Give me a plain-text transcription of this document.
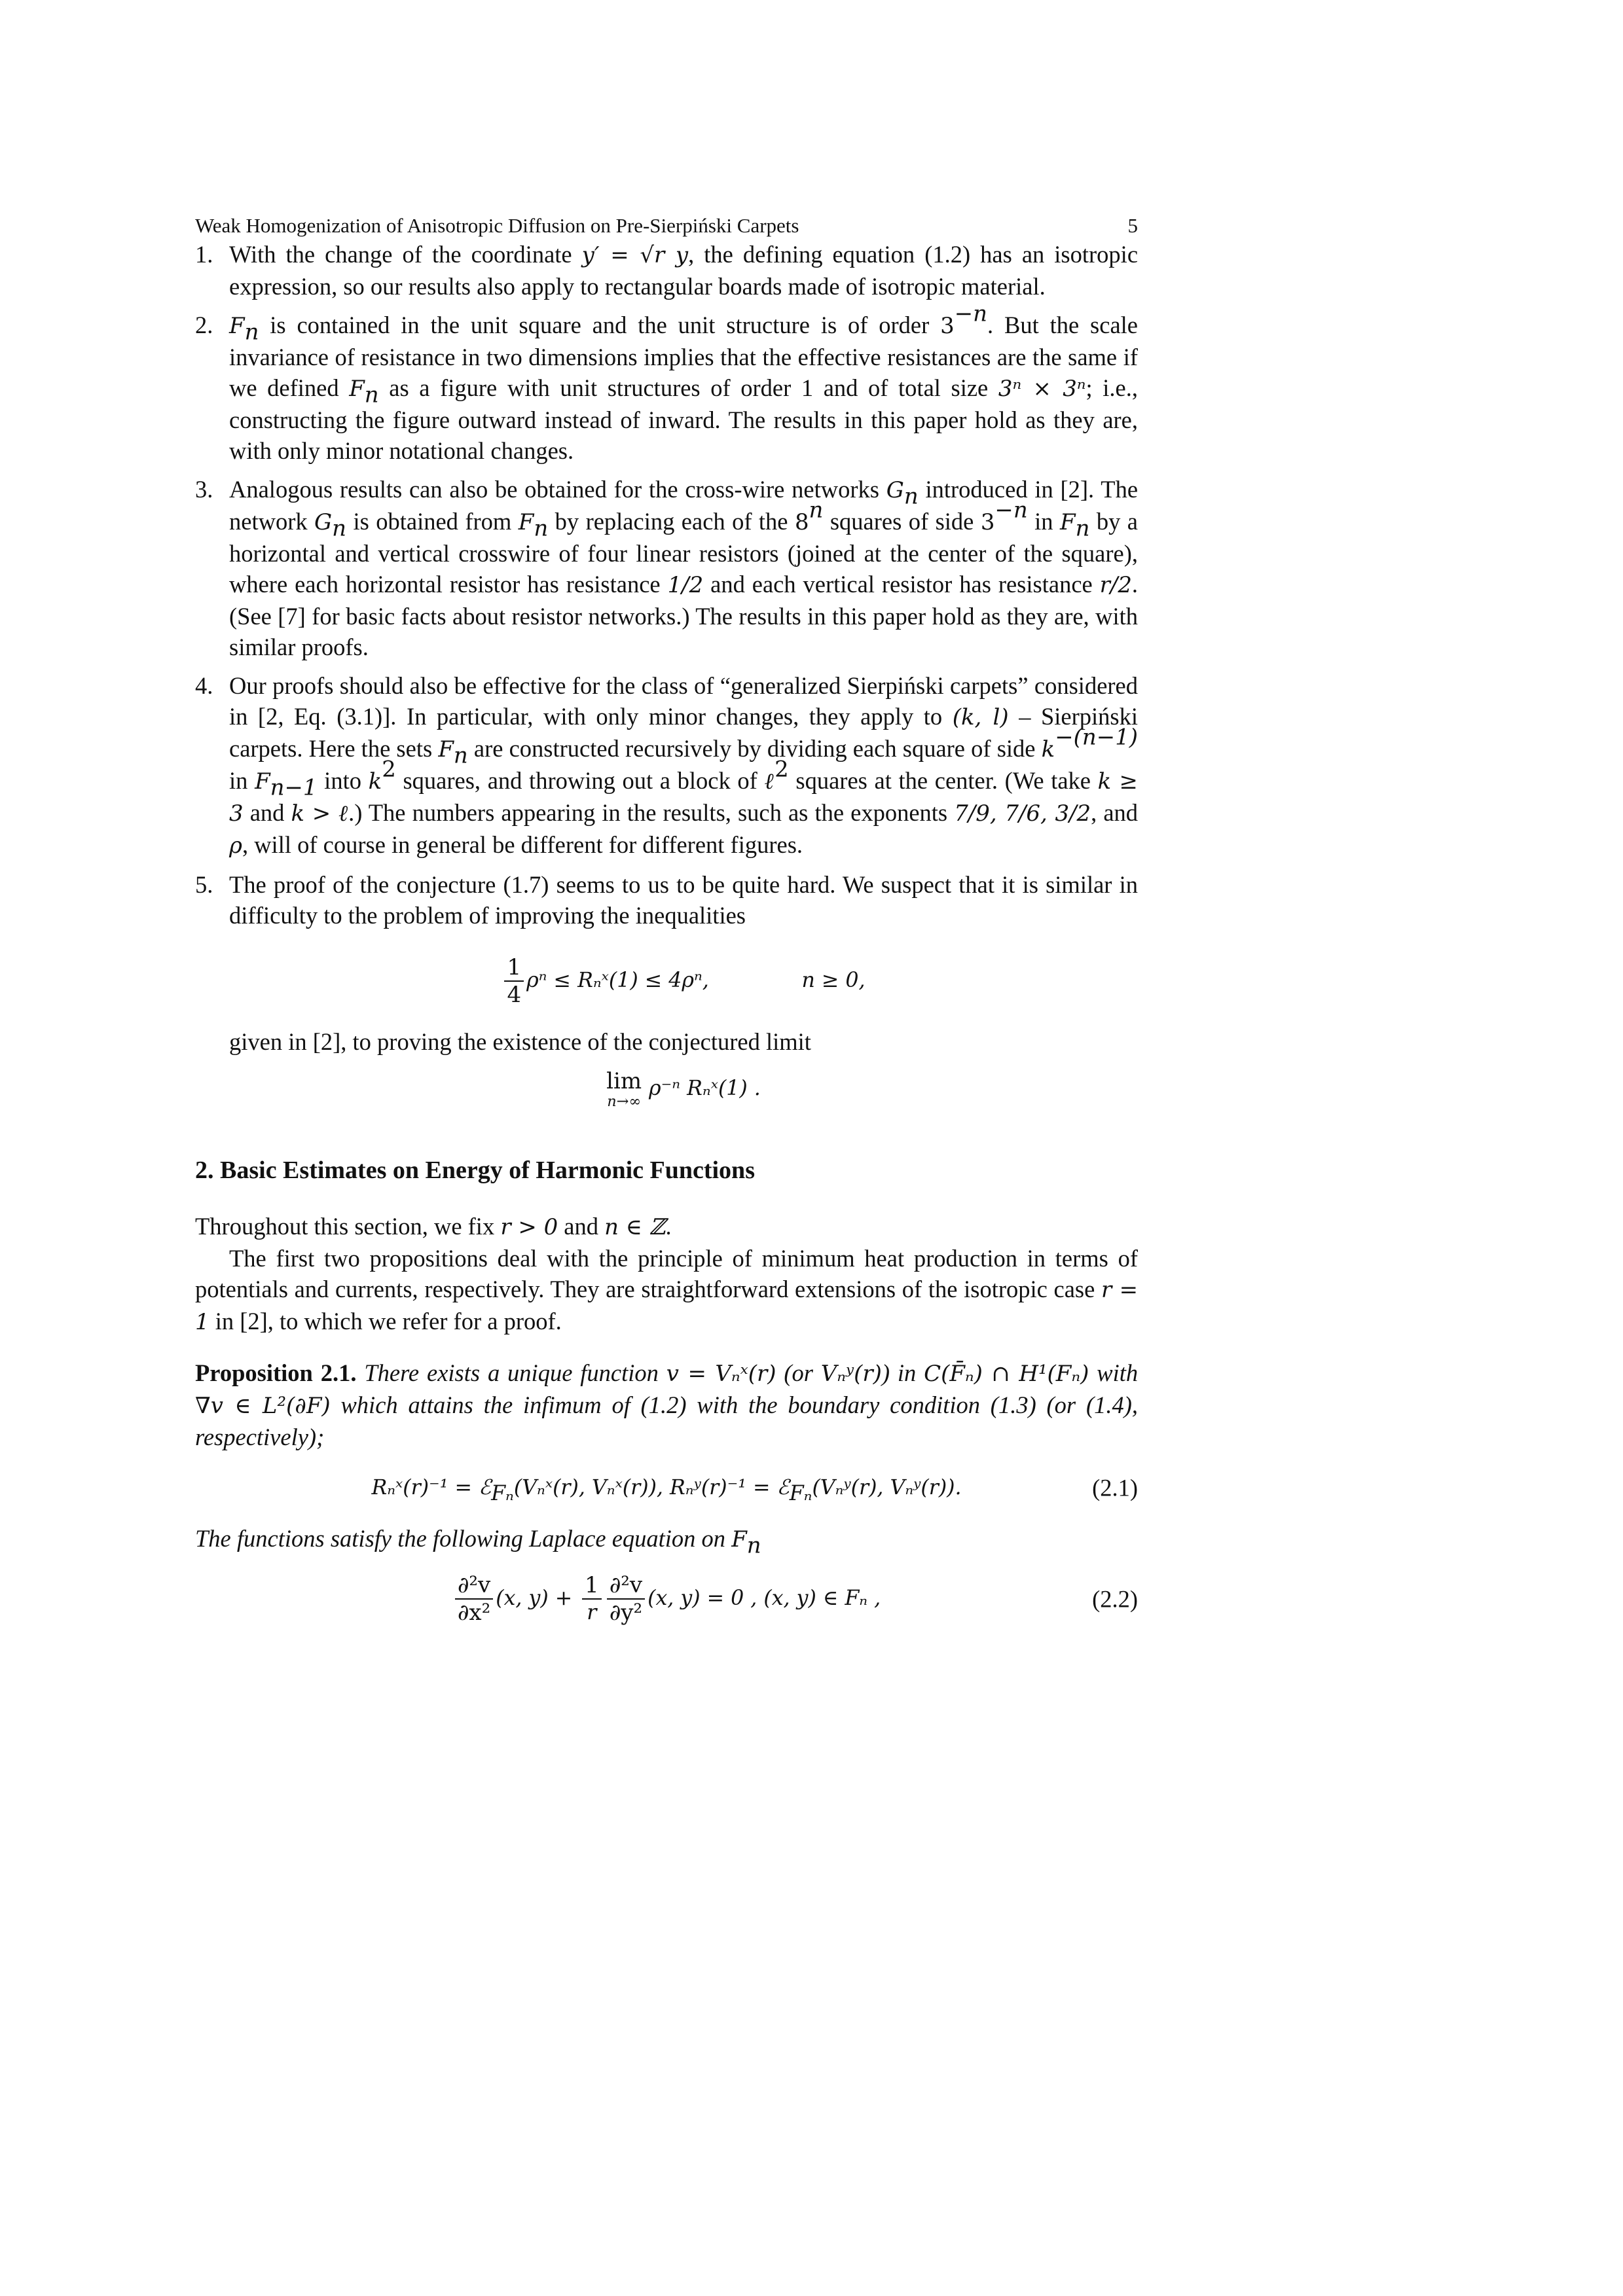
Weak Homogenization of Anisotropic Diffusion on Pre-Sierpiński Carpets	5
1. With the change of the coordinate y′ = √r y, the defining equation (1.2) has an isotropic expression, so our results also apply to rectangular boards made of isotropic material.
2. $F_n$ is contained in the unit square and the unit structure is of order $3^{-n}$. But the scale invariance of resistance in two dimensions implies that the effective resistances are the same if we defined $F_n$ as a figure with unit structures of order 1 and of total size 3ⁿ × 3ⁿ; i.e., constructing the figure outward instead of inward. The results in this paper hold as they are, with only minor notational changes.
3. Analogous results can also be obtained for the cross-wire networks $G_n$ introduced in [2]. The network $G_n$ is obtained from $F_n$ by replacing each of the 8$^n$ squares of side $3^{-n}$ in $F_n$ by a horizontal and vertical crosswire of four linear resistors (joined at the center of the square), where each horizontal resistor has resistance 1/2 and each vertical resistor has resistance r/2. (See [7] for basic facts about resistor networks.) The results in this paper hold as they are, with similar proofs.
4. Our proofs should also be effective for the class of “generalized Sierpiński carpets” considered in [2, Eq. (3.1)]. In particular, with only minor changes, they apply to (k, l) – Sierpiński carpets. Here the sets $F_n$ are constructed recursively by dividing each square of side $k^{-(n-1)}$ in $F_{n-1}$ into $k^2$ squares, and throwing out a block of ℓ$^2$ squares at the center. (We take k ≥ 3 and k > ℓ.) The numbers appearing in the results, such as the exponents 7/9, 7/6, 3/2, and ρ, will of course in general be different for different figures.
5. The proof of the conjecture (1.7) seems to us to be quite hard. We suspect that it is similar in difficulty to the problem of improving the inequalities
$\frac{1}{4}$ ρⁿ ≤ Rₙˣ(1) ≤ 4ρⁿ,	n ≥ 0,

given in [2], to proving the existence of the conjectured limit

lim
n→∞
ρ⁻ⁿ Rₙˣ(1) .
2. Basic Estimates on Energy of Harmonic Functions

Throughout this section, we fix r > 0 and n ∈ ℤ.

The first two propositions deal with the principle of minimum heat production in terms of potentials and currents, respectively. They are straightforward extensions of the isotropic case r = 1 in [2], to which we refer for a proof.

Proposition 2.1. There exists a unique function v = Vₙˣ(r) (or Vₙʸ(r)) in C(F̄ₙ) ∩ H¹(Fₙ) with ∇v ∈ L²(∂F) which attains the infimum of (1.2) with the boundary condition (1.3) (or (1.4), respectively);

Rₙˣ(r)⁻¹ = ℰ$_{F_n}$(Vₙˣ(r), Vₙˣ(r)), Rₙʸ(r)⁻¹ = ℰ$_{F_n}$(Vₙʸ(r), Vₙʸ(r)).	(2.1)

The functions satisfy the following Laplace equation on $F_n$

$\frac{\text{∂²v}}{\text{∂x²}} (x$, $y) + \frac{1}{r} \frac{\text{∂²v}}{\text{∂y²}} (x$, y) = 0 , (x, y) ∈ Fₙ ,	(2.2)
